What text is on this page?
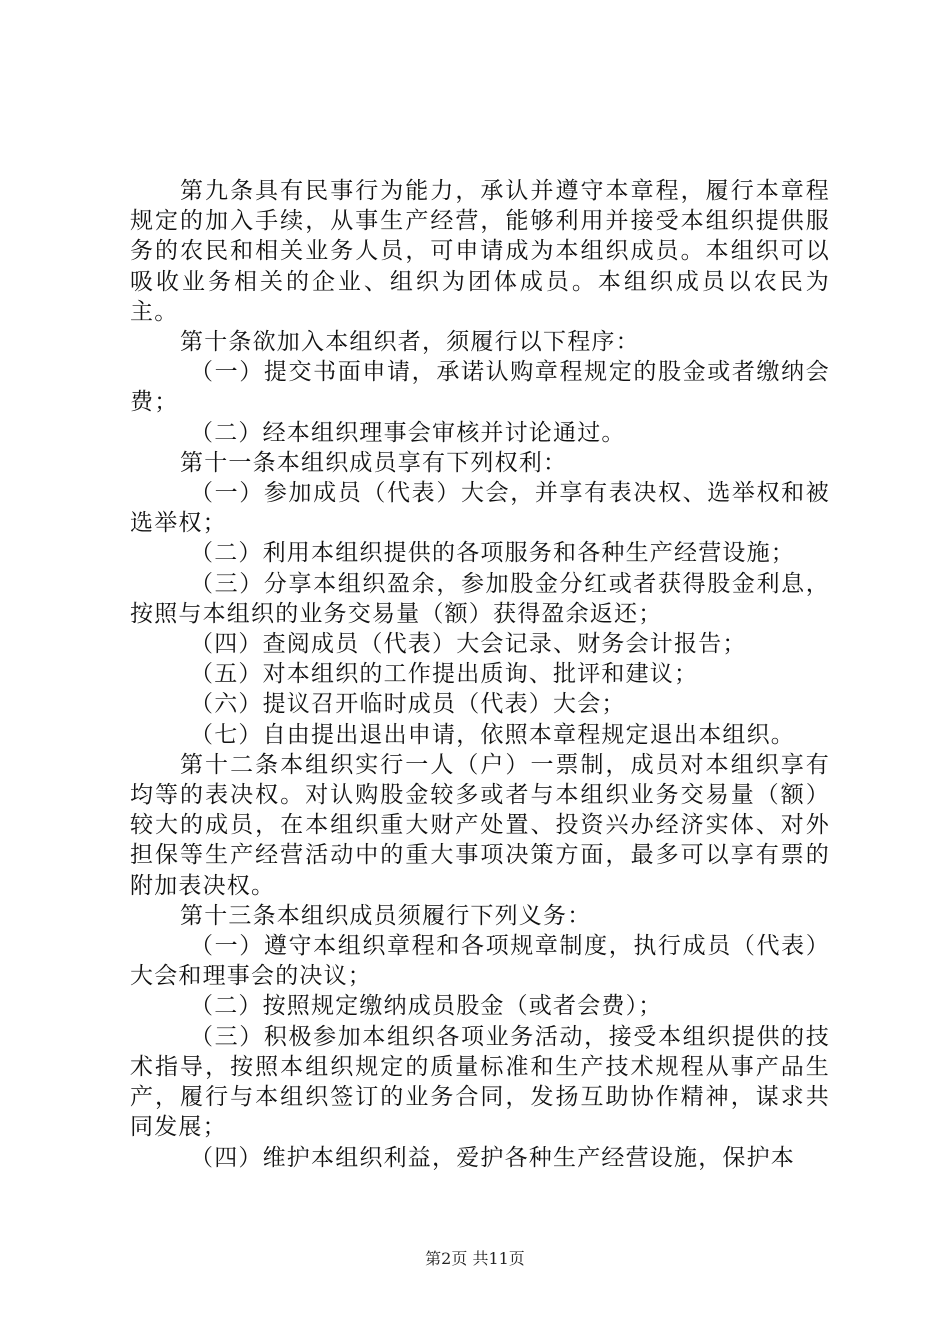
第九条具有民事行为能力，承认并遵守本章程，履行本章程规定的加入手续，从事生产经营，能够利用并接受本组织提供服务的农民和相关业务人员，可申请成为本组织成员。本组织可以吸收业务相关的企业、组织为团体成员。本组织成员以农民为主。

第十条欲加入本组织者，须履行以下程序：

（一）提交书面申请，承诺认购章程规定的股金或者缴纳会费；

（二）经本组织理事会审核并讨论通过。

第十一条本组织成员享有下列权利：

（一）参加成员（代表）大会，并享有表决权、选举权和被选举权；

（二）利用本组织提供的各项服务和各种生产经营设施；

（三）分享本组织盈余，参加股金分红或者获得股金利息，按照与本组织的业务交易量（额）获得盈余返还；

（四）查阅成员（代表）大会记录、财务会计报告；

（五）对本组织的工作提出质询、批评和建议；

（六）提议召开临时成员（代表）大会；

（七）自由提出退出申请，依照本章程规定退出本组织。

第十二条本组织实行一人（户）一票制，成员对本组织享有均等的表决权。对认购股金较多或者与本组织业务交易量（额）较大的成员，在本组织重大财产处置、投资兴办经济实体、对外担保等生产经营活动中的重大事项决策方面，最多可以享有票的附加表决权。

第十三条本组织成员须履行下列义务：

（一）遵守本组织章程和各项规章制度，执行成员（代表）大会和理事会的决议；

（二）按照规定缴纳成员股金（或者会费）；

（三）积极参加本组织各项业务活动，接受本组织提供的技术指导，按照本组织规定的质量标准和生产技术规程从事产品生产，履行与本组织签订的业务合同，发扬互助协作精神，谋求共同发展；

（四）维护本组织利益，爱护各种生产经营设施，保护本

第2页 共11页
